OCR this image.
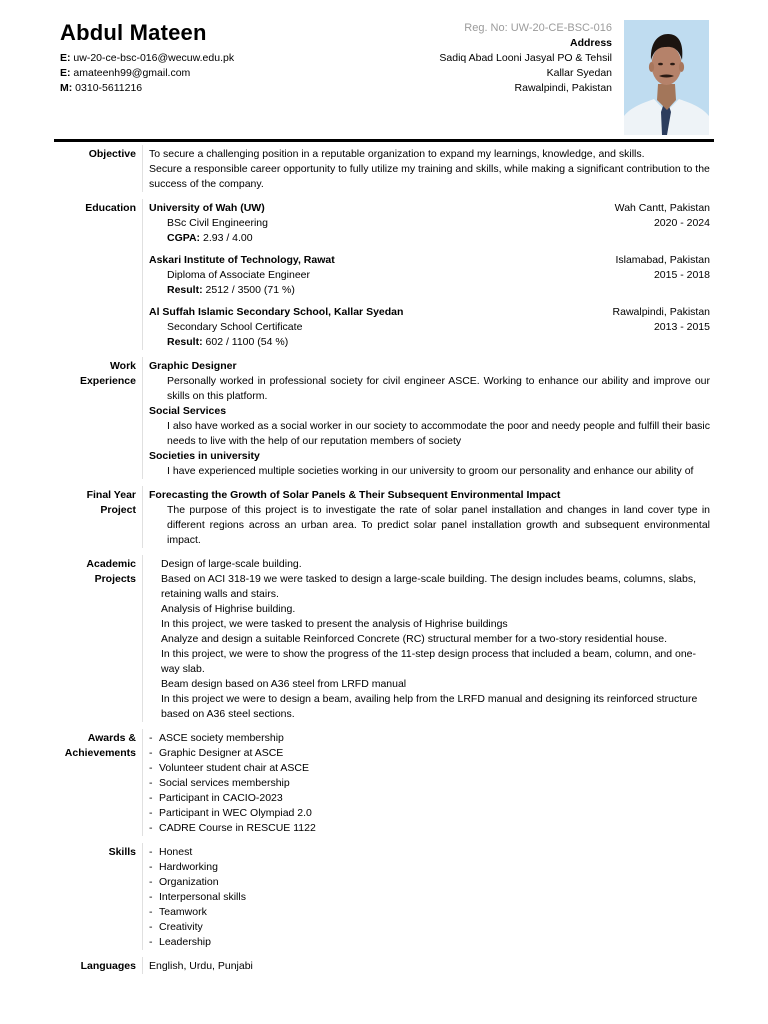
Abdul Mateen
E: uw-20-ce-bsc-016@wecuw.edu.pk
E: amateenh99@gmail.com
M: 0310-5611216
Reg. No: UW-20-CE-BSC-016
Address
Sadiq Abad Looni Jasyal PO & Tehsil
Kallar Syedan
Rawalpindi, Pakistan
Objective	To secure a challenging position in a reputable organization to expand my learnings, knowledge, and skills.
Secure a responsible career opportunity to fully utilize my training and skills, while making a significant contribution to the success of the company.
Education	University of Wah (UW)	Wah Cantt, Pakistan
BSc Civil Engineering	2020 - 2024
CGPA: 2.93 / 4.00
Askari Institute of Technology, Rawat	Islamabad, Pakistan
Diploma of Associate Engineer	2015 - 2018
Result: 2512 / 3500 (71 %)
Al Suffah Islamic Secondary School, Kallar Syedan	Rawalpindi, Pakistan
Secondary School Certificate	2013 - 2015
Result: 602 / 1100 (54 %)
Work
Experience
Graphic Designer
Personally worked in professional society for civil engineer ASCE. Working to enhance our ability and improve our skills on this platform.
Social Services
I also have worked as a social worker in our society to accommodate the poor and needy people and fulfill their basic needs to live with the help of our reputation members of society
Societies in university
I have experienced multiple societies working in our university to groom our personality and enhance our ability of
Final Year
Project
Forecasting the Growth of Solar Panels & Their Subsequent Environmental Impact
The purpose of this project is to investigate the rate of solar panel installation and changes in land cover type in different regions across an urban area. To predict solar panel installation growth and subsequent environmental impact.
Academic
Projects
Design of large-scale building.
Based on ACI 318-19 we were tasked to design a large-scale building. The design includes beams, columns, slabs, retaining walls and stairs.
Analysis of Highrise building.
In this project, we were tasked to present the analysis of Highrise buildings
Analyze and design a suitable Reinforced Concrete (RC) structural member for a two-story residential house.
In this project, we were to show the progress of the 11-step design process that included a beam, column, and one-way slab.
Beam design based on A36 steel from LRFD manual
In this project we were to design a beam, availing help from the LRFD manual and designing its reinforced structure based on A36 steel sections.
Awards &
Achievements
- ASCE society membership
- Graphic Designer at ASCE
- Volunteer student chair at ASCE
- Social services membership
- Participant in CACIO-2023
- Participant in WEC Olympiad 2.0
- CADRE Course in RESCUE 1122
Skills	- Honest
- Hardworking
- Organization
- Interpersonal skills
- Teamwork
- Creativity
- Leadership
Languages	English, Urdu, Punjabi
